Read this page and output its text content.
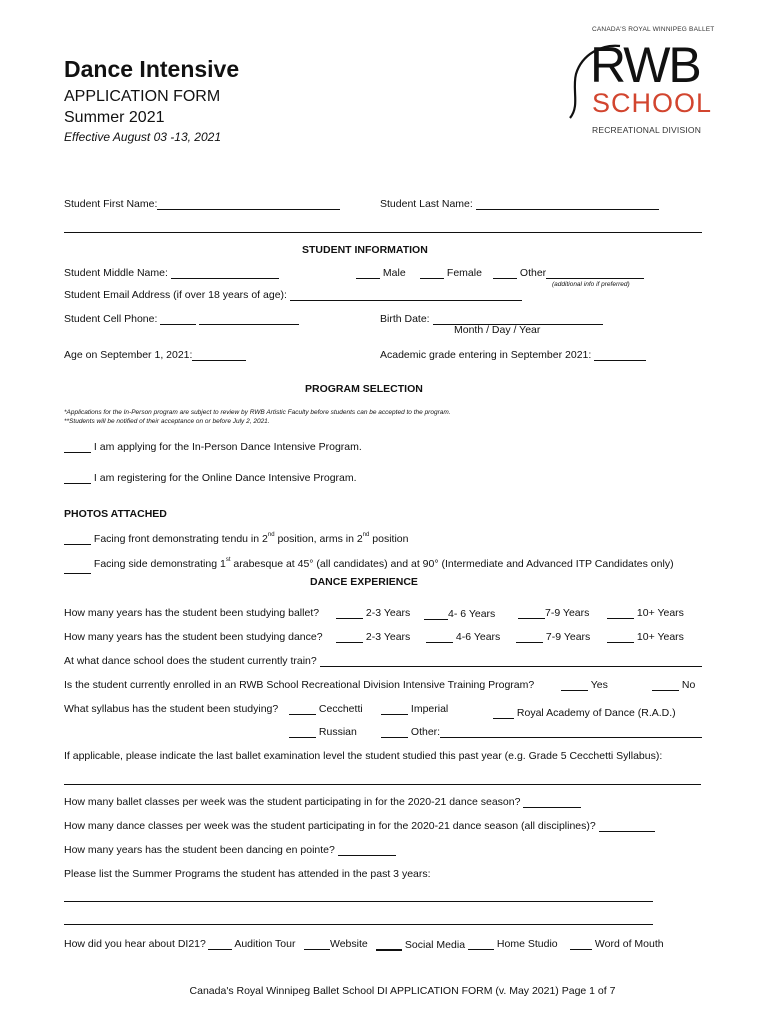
Dance Intensive
APPLICATION FORM
Summer 2021
Effective August 03 -13, 2021
CANADA'S ROYAL WINNIPEG BALLET
RWB
SCHOOL
RECREATIONAL DIVISION
Student First Name:	Student Last Name:
STUDENT INFORMATION
Student Middle Name:	Male	Female	Other
(additional info if preferred)
Student Email Address (if over 18 years of age):
Student Cell Phone:	Birth Date:
Month / Day / Year
Age on September 1, 2021:	Academic grade entering in September 2021:
PROGRAM SELECTION
*Applications for the In-Person program are subject to review by RWB Artistic Faculty before students can be accepted to the program.
**Students will be notified of their acceptance on or before July 2, 2021.
I am applying for the In-Person Dance Intensive Program.
I am registering for the Online Dance Intensive Program.
PHOTOS ATTACHED
Facing front demonstrating tendu in 2nd position, arms in 2nd position
Facing side demonstrating 1st arabesque at 45° (all candidates) and at 90° (Intermediate and Advanced ITP Candidates only)
DANCE EXPERIENCE
How many years has the student been studying ballet?	2-3 Years	4- 6 Years	7-9 Years	10+ Years
How many years has the student been studying dance?	2-3 Years	4-6 Years	7-9 Years	10+ Years
At what dance school does the student currently train?
Is the student currently enrolled in an RWB School Recreational Division Intensive Training Program?	Yes	No
What syllabus has the student been studying?	Cecchetti	Imperial	Royal Academy of Dance (R.A.D.)
Russian	Other:
If applicable, please indicate the last ballet examination level the student studied this past year (e.g. Grade 5 Cecchetti Syllabus):
How many ballet classes per week was the student participating in for the 2020-21 dance season?
How many dance classes per week was the student participating in for the 2020-21 dance season (all disciplines)?
How many years has the student been dancing en pointe?
Please list the Summer Programs the student has attended in the past 3 years:
How did you hear about DI21?	Audition Tour	Website	Social Media	Home Studio	Word of Mouth
Canada's Royal Winnipeg Ballet School DI APPLICATION FORM (v. May 2021) Page 1 of 7
